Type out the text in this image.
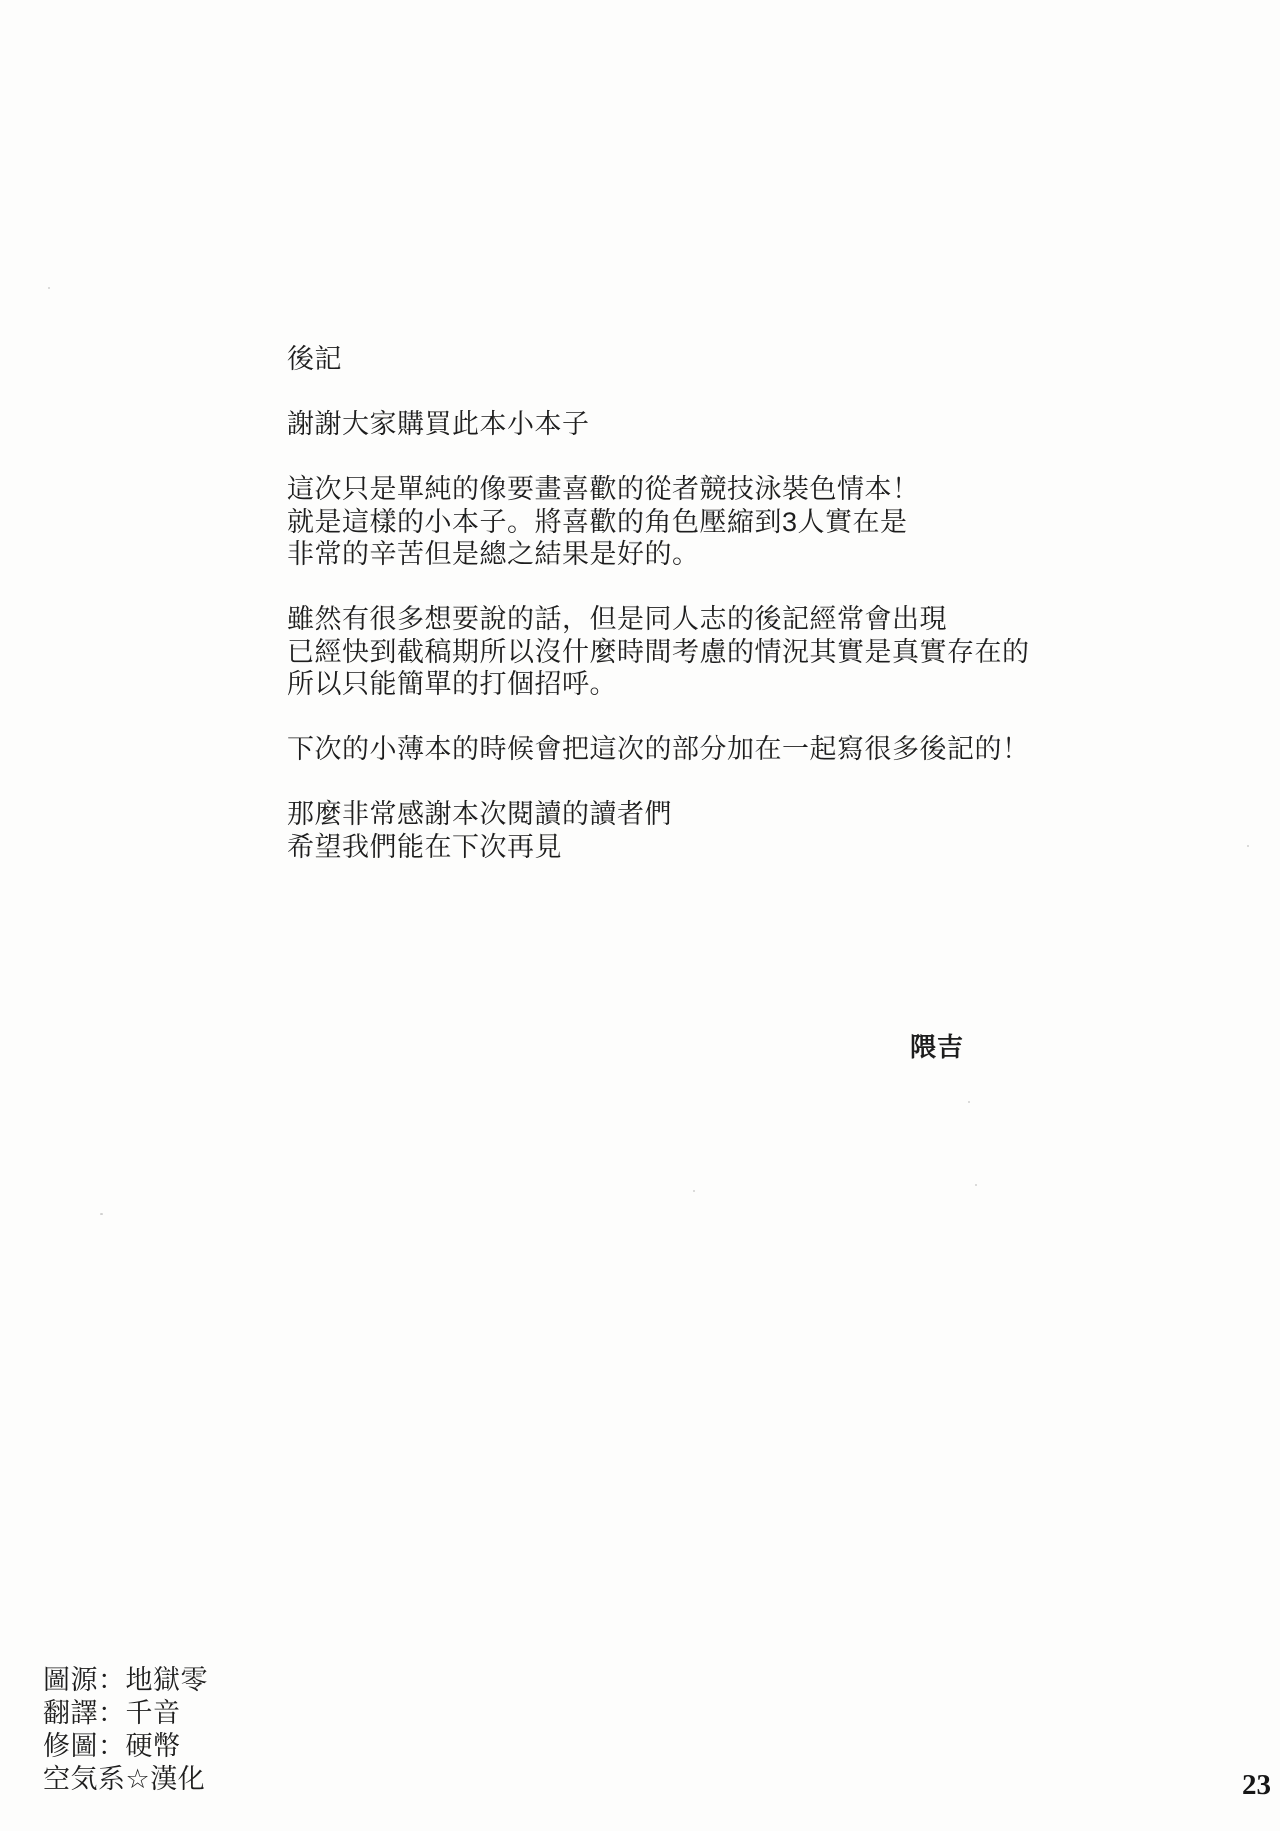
後記
謝謝大家購買此本小本子
這次只是單純的像要畫喜歡的從者競技泳裝色情本！
就是這樣的小本子。將喜歡的角色壓縮到3人實在是
非常的辛苦但是總之結果是好的。
雖然有很多想要說的話，但是同人志的後記經常會出現
已經快到截稿期所以沒什麼時間考慮的情況其實是真實存在的
所以只能簡單的打個招呼。
下次的小薄本的時候會把這次的部分加在一起寫很多後記的！
那麼非常感謝本次閱讀的讀者們
希望我們能在下次再見
隈吉
圖源：地獄零
翻譯：千音
修圖：硬幣
空気系☆漢化	23
